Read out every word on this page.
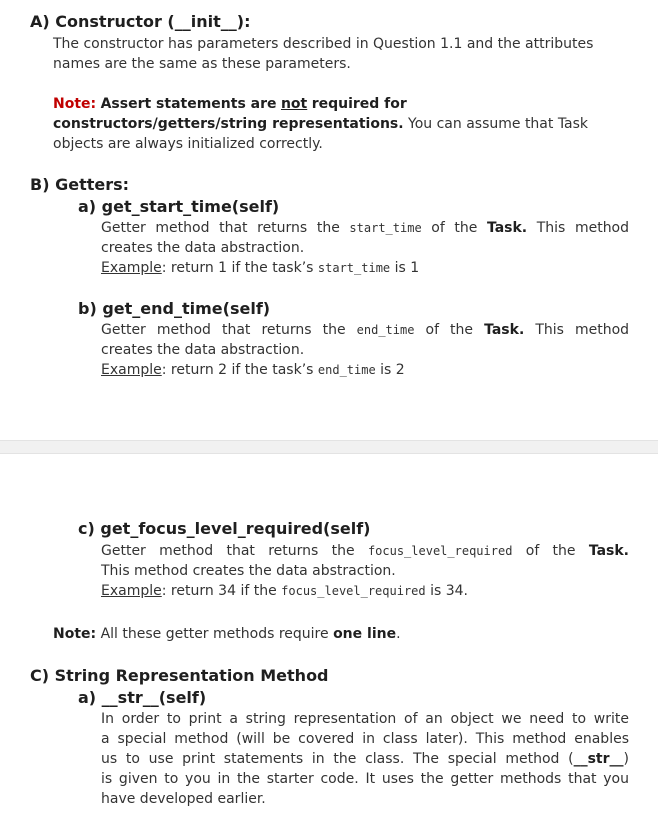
A) Constructor (__init__):

The constructor has parameters described in Question 1.1 and the attributes

names are the same as these parameters.

Note: Assert statements are not required for

constructors/getters/string representations. You can assume that Task

objects are always initialized correctly.

B) Getters:

a) get_start_time(self)

Getter method that returns the start_time of the Task. This method

creates the data abstraction.

Example: return 1 if the task’s start_time is 1

b) get_end_time(self)

Getter method that returns the end_time of the Task. This method

creates the data abstraction.

Example: return 2 if the task’s end_time is 2

c) get_focus_level_required(self)

Getter method that returns the focus_level_required of the Task.

This method creates the data abstraction.

Example: return 34 if the focus_level_required is 34.

Note: All these getter methods require one line.

C) String Representation Method

a) __str__(self)

In order to print a string representation of an object we need to write

a special method (will be covered in class later). This method enables

us to use print statements in the class. The special method (__str__)

is given to you in the starter code. It uses the getter methods that you

have developed earlier.
